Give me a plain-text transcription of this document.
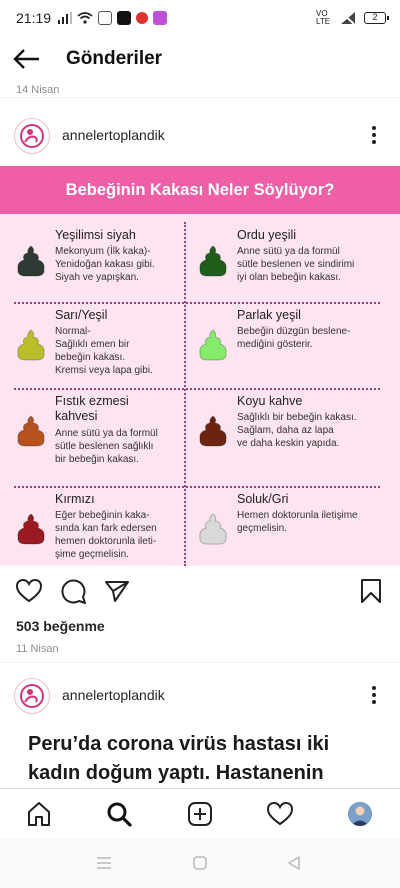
21:19	VO LTE	2
Gönderiler
14 Nisan
annelertoplandik
Bebeğinin Kakası Neler Söylüyor?
Yeşilimsi siyah
Mekonyum (İlk kaka)-
Yenidoğan kakası gibi.
Siyah ve yapışkan.
Ordu yeşili
Anne sütü ya da formül
sütle beslenen ve sindirimi
iyi olan bebeğin kakası.
Sarı/Yeşil
Normal-
Sağlıklı emen bir
bebeğin kakası.
Kremsi veya lapa gibi.
Parlak yeşil
Bebeğin düzgün beslene-
mediğini gösterir.
Fıstık ezmesi
kahvesi
Anne sütü ya da formül
sütle beslenen sağlıklı
bir bebeğin kakası.
Koyu kahve
Sağlıklı bir bebeğin kakası.
Sağlam, daha az lapa
ve daha keskin yapıda.
Kırmızı
Eğer bebeğinin kaka-
sında kan fark edersen
hemen doktorunla ileti-
şime geçmelisin.
Soluk/Gri
Hemen doktorunla iletişime
geçmelisin.
503 beğenme
11 Nisan
annelertoplandik
Peru’da corona virüs hastası iki kadın doğum yaptı. Hastanenin
